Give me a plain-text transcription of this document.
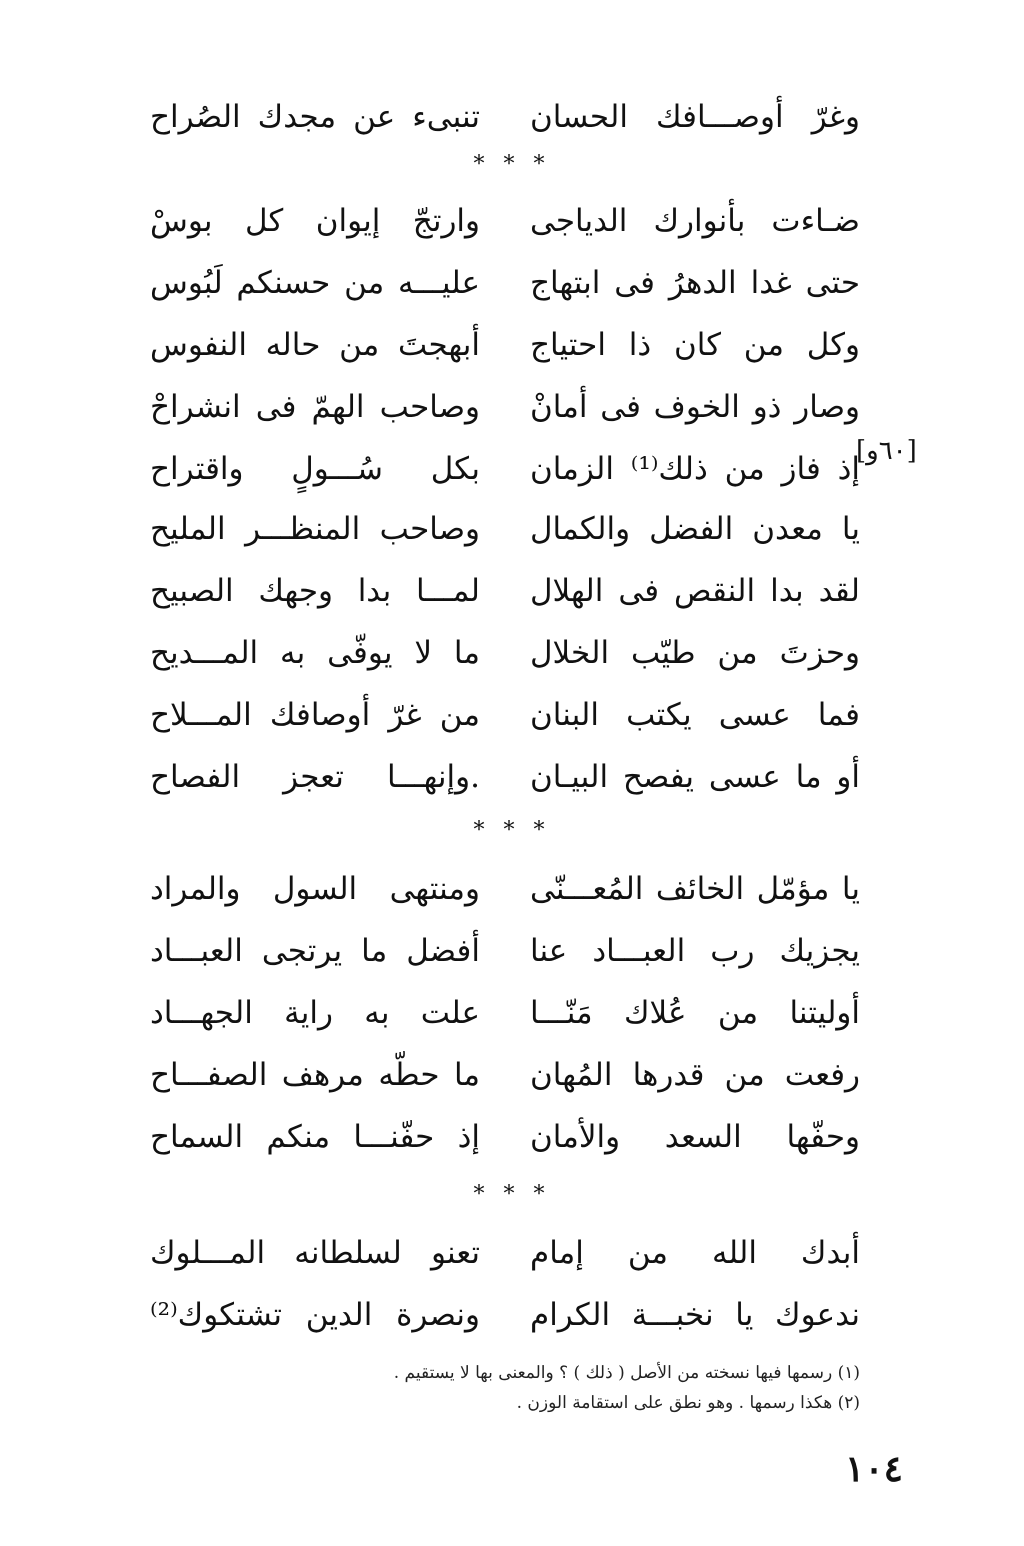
وغرّ أوصـــافك الحسان
تنبىء عن مجدك الصُراح
* * *
ضـاءت بأنوارك الدياجى
وارتجّ إيوان كل بوسْ
حتى غدا الدهرُ فى ابتهاج
عليـــه من حسنكم لَبُوس
وكل من كان ذا احتياج
أبهجتَ من حاله النفوس
وصار ذو الخوف فى أمانْ
وصاحب الهمّ فى انشراحْ
إذ فاز من ذلك⁽¹⁾ الزمان
بكل سُـــولٍ واقتراح	[٦٠و]
يا معدن الفضل والكمال
وصاحب المنظـــر المليح
لقد بدا النقص فى الهلال
لمـــا بدا وجهك الصبيح
وحزتَ من طيّب الخلال
ما لا يوفّى به المـــديح
فما عسى يكتب البنان
من غرّ أوصافك المـــلاح
أو ما عسى يفصح البيـان
.وإنهـــا تعجز الفصاح
* * *
يا مؤمّل الخائف المُعـــنّى
ومنتهى السول والمراد
يجزيك رب العبـــاد عنا
أفضل ما يرتجى العبـــاد
أوليتنا من عُلاك مَنّـــا
علت به راية الجهـــاد
رفعت من قدرها المُهان
ما حطّه مرهف الصفـــاح
وحفّها السعد والأمان
إذ حفّنـــا منكم السماح
* * *
أبدك الله من إمام
تعنو لسلطانه المـــلوك
ندعوك يا نخبـــة الكرام
ونصرة الدين تشتكوك⁽²⁾
(١) رسمها فيها نسخته من الأصل ( ذلك ) ؟ والمعنى بها لا يستقيم .
(٢) هكذا رسمها . وهو نطق على استقامة الوزن .
١٠٤
